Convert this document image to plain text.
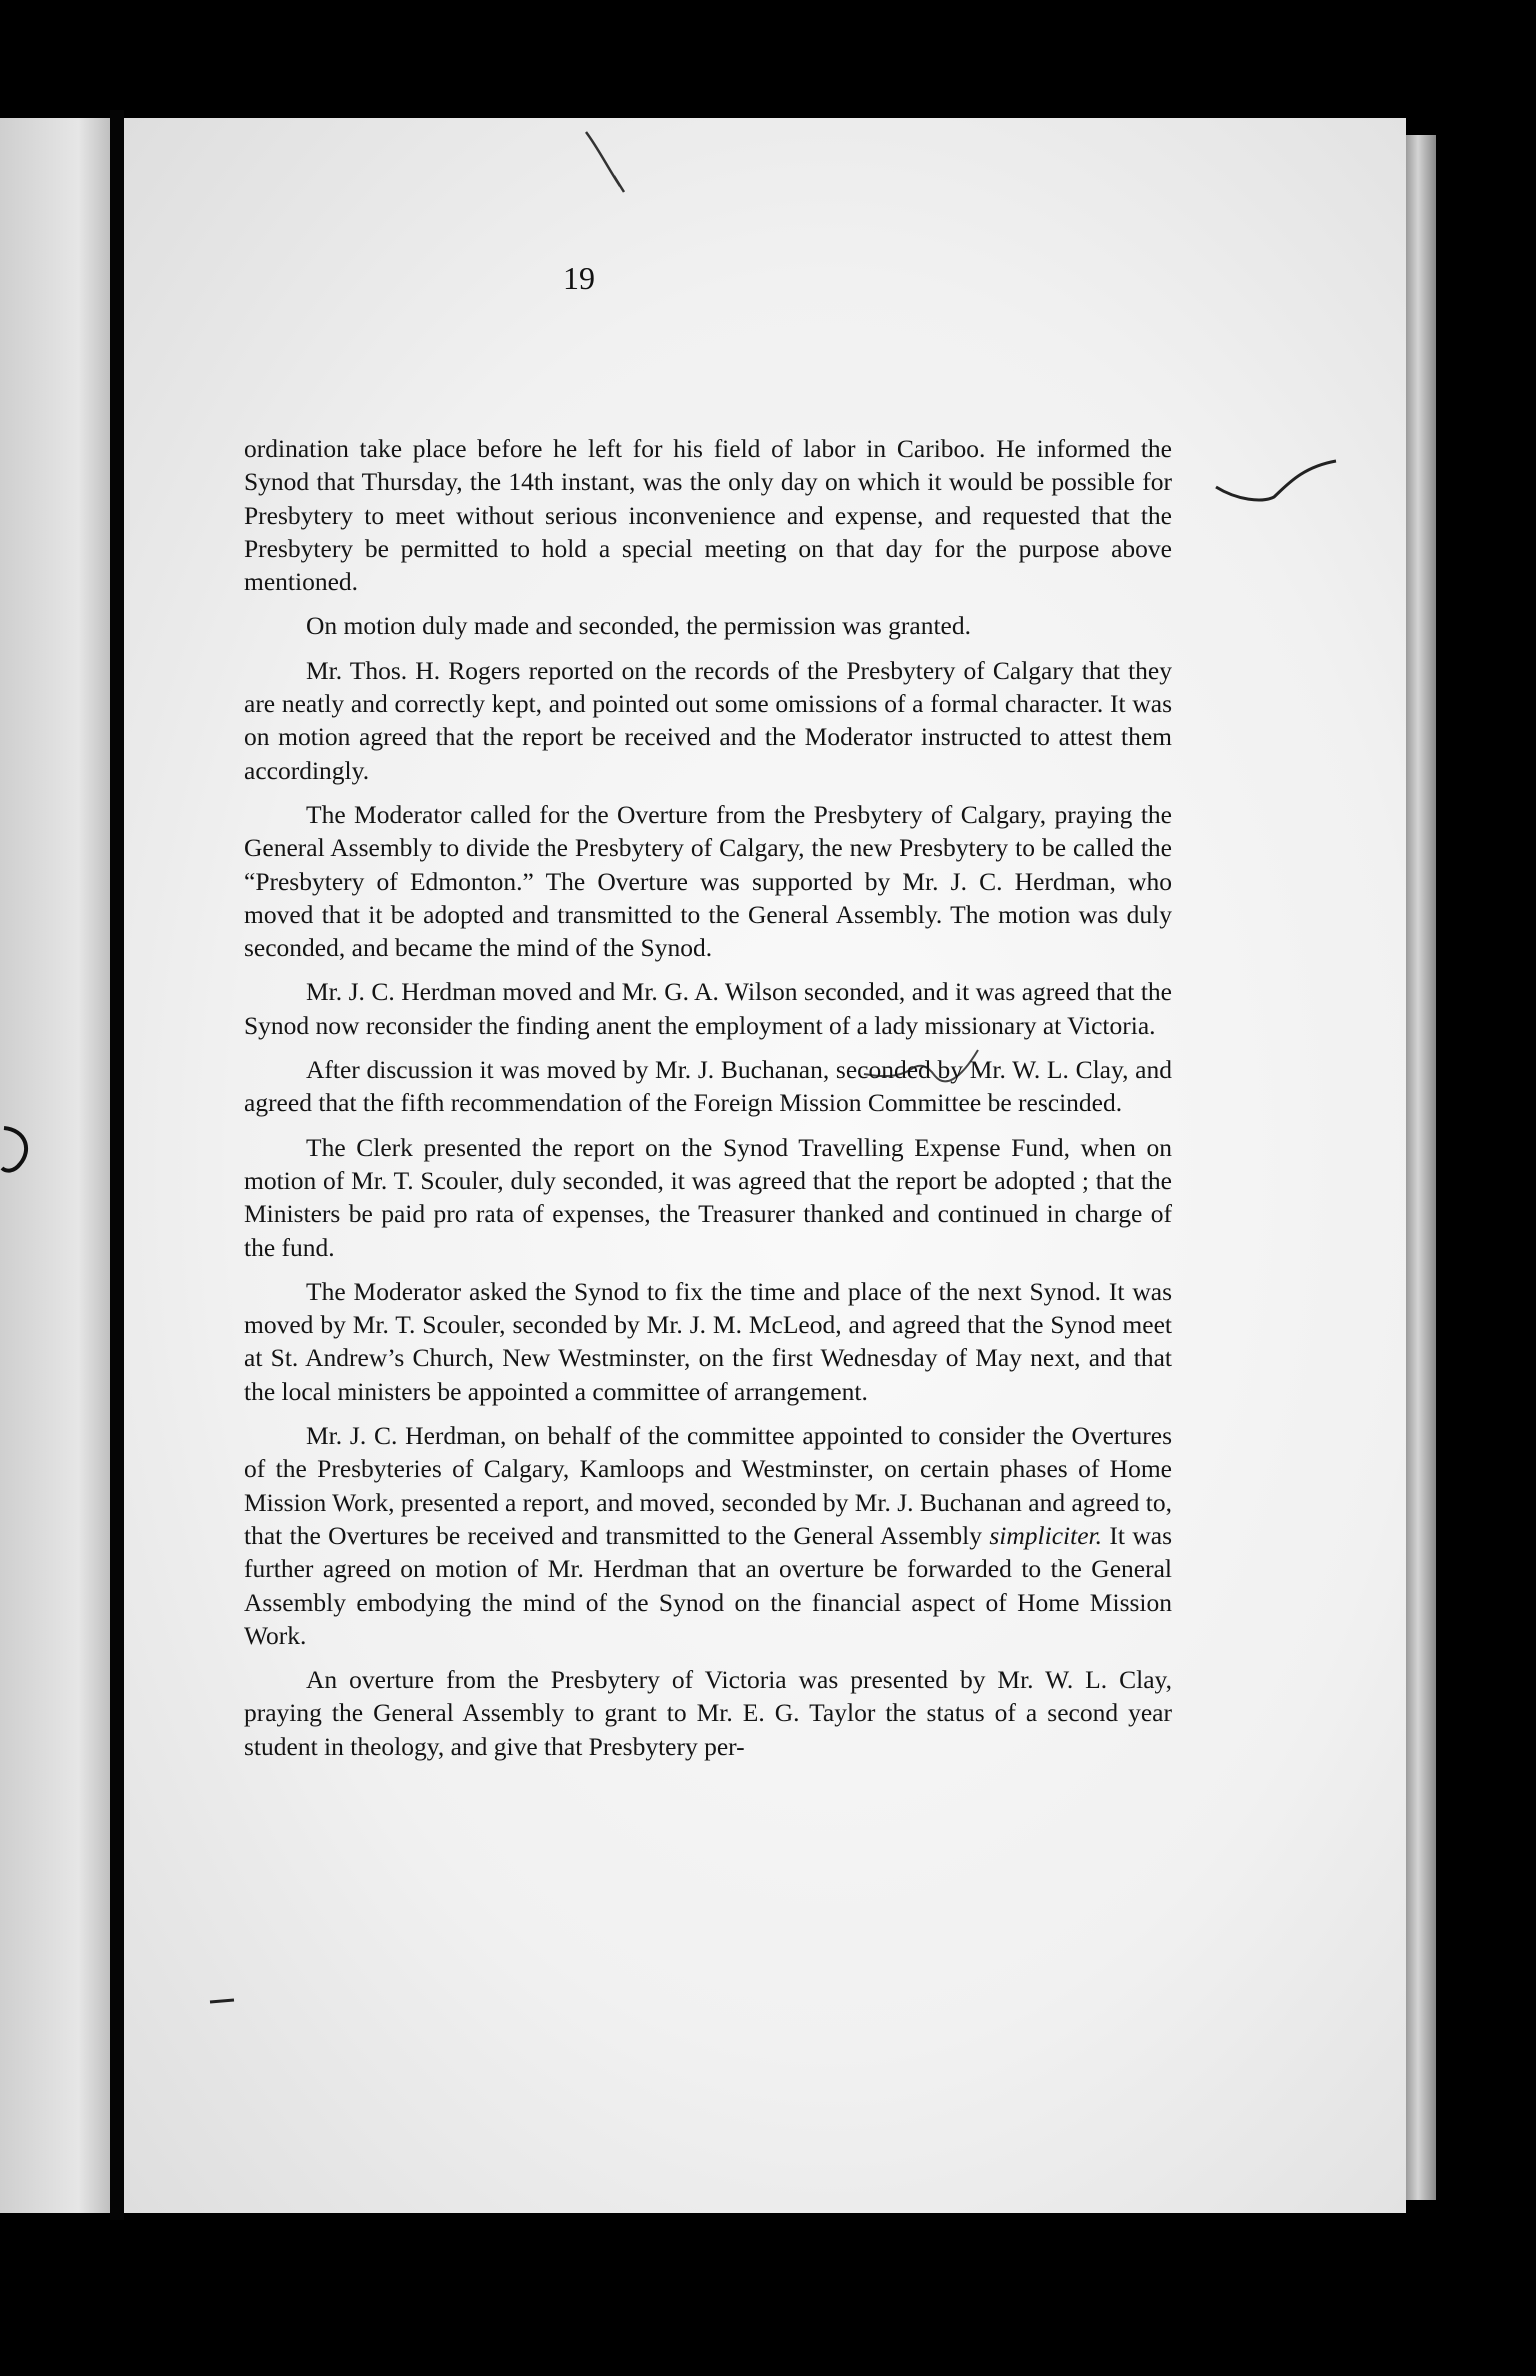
19

ordination take place before he left for his field of labor in Cariboo. He informed the Synod that Thursday, the 14th instant, was the only day on which it would be possible for Presbytery to meet without serious inconvenience and expense, and requested that the Presbytery be permitted to hold a special meeting on that day for the purpose above mentioned.

On motion duly made and seconded, the permission was granted.

Mr. Thos. H. Rogers reported on the records of the Presbytery of Calgary that they are neatly and correctly kept, and pointed out some omissions of a formal character. It was on motion agreed that the report be received and the Moderator instructed to attest them accordingly.

The Moderator called for the Overture from the Presbytery of Calgary, praying the General Assembly to divide the Presbytery of Calgary, the new Presbytery to be called the “Presbytery of Edmonton.” The Overture was supported by Mr. J. C. Herdman, who moved that it be adopted and transmitted to the General Assembly. The motion was duly seconded, and became the mind of the Synod.

Mr. J. C. Herdman moved and Mr. G. A. Wilson seconded, and it was agreed that the Synod now reconsider the finding anent the employment of a lady missionary at Victoria.

After discussion it was moved by Mr. J. Buchanan, seconded by Mr. W. L. Clay, and agreed that the fifth recommendation of the Foreign Mission Committee be rescinded.

The Clerk presented the report on the Synod Travelling Expense Fund, when on motion of Mr. T. Scouler, duly seconded, it was agreed that the report be adopted ; that the Ministers be paid pro rata of expenses, the Treasurer thanked and continued in charge of the fund.

The Moderator asked the Synod to fix the time and place of the next Synod. It was moved by Mr. T. Scouler, seconded by Mr. J. M. McLeod, and agreed that the Synod meet at St. Andrew’s Church, New Westminster, on the first Wednesday of May next, and that the local ministers be appointed a committee of arrangement.

Mr. J. C. Herdman, on behalf of the committee appointed to consider the Overtures of the Presbyteries of Calgary, Kamloops and Westminster, on certain phases of Home Mission Work, presented a report, and moved, seconded by Mr. J. Buchanan and agreed to, that the Overtures be received and transmitted to the General Assembly simpliciter. It was further agreed on motion of Mr. Herdman that an overture be forwarded to the General Assembly embodying the mind of the Synod on the financial aspect of Home Mission Work.

An overture from the Presbytery of Victoria was presented by Mr. W. L. Clay, praying the General Assembly to grant to Mr. E. G. Taylor the status of a second year student in theology, and give that Presbytery per-
